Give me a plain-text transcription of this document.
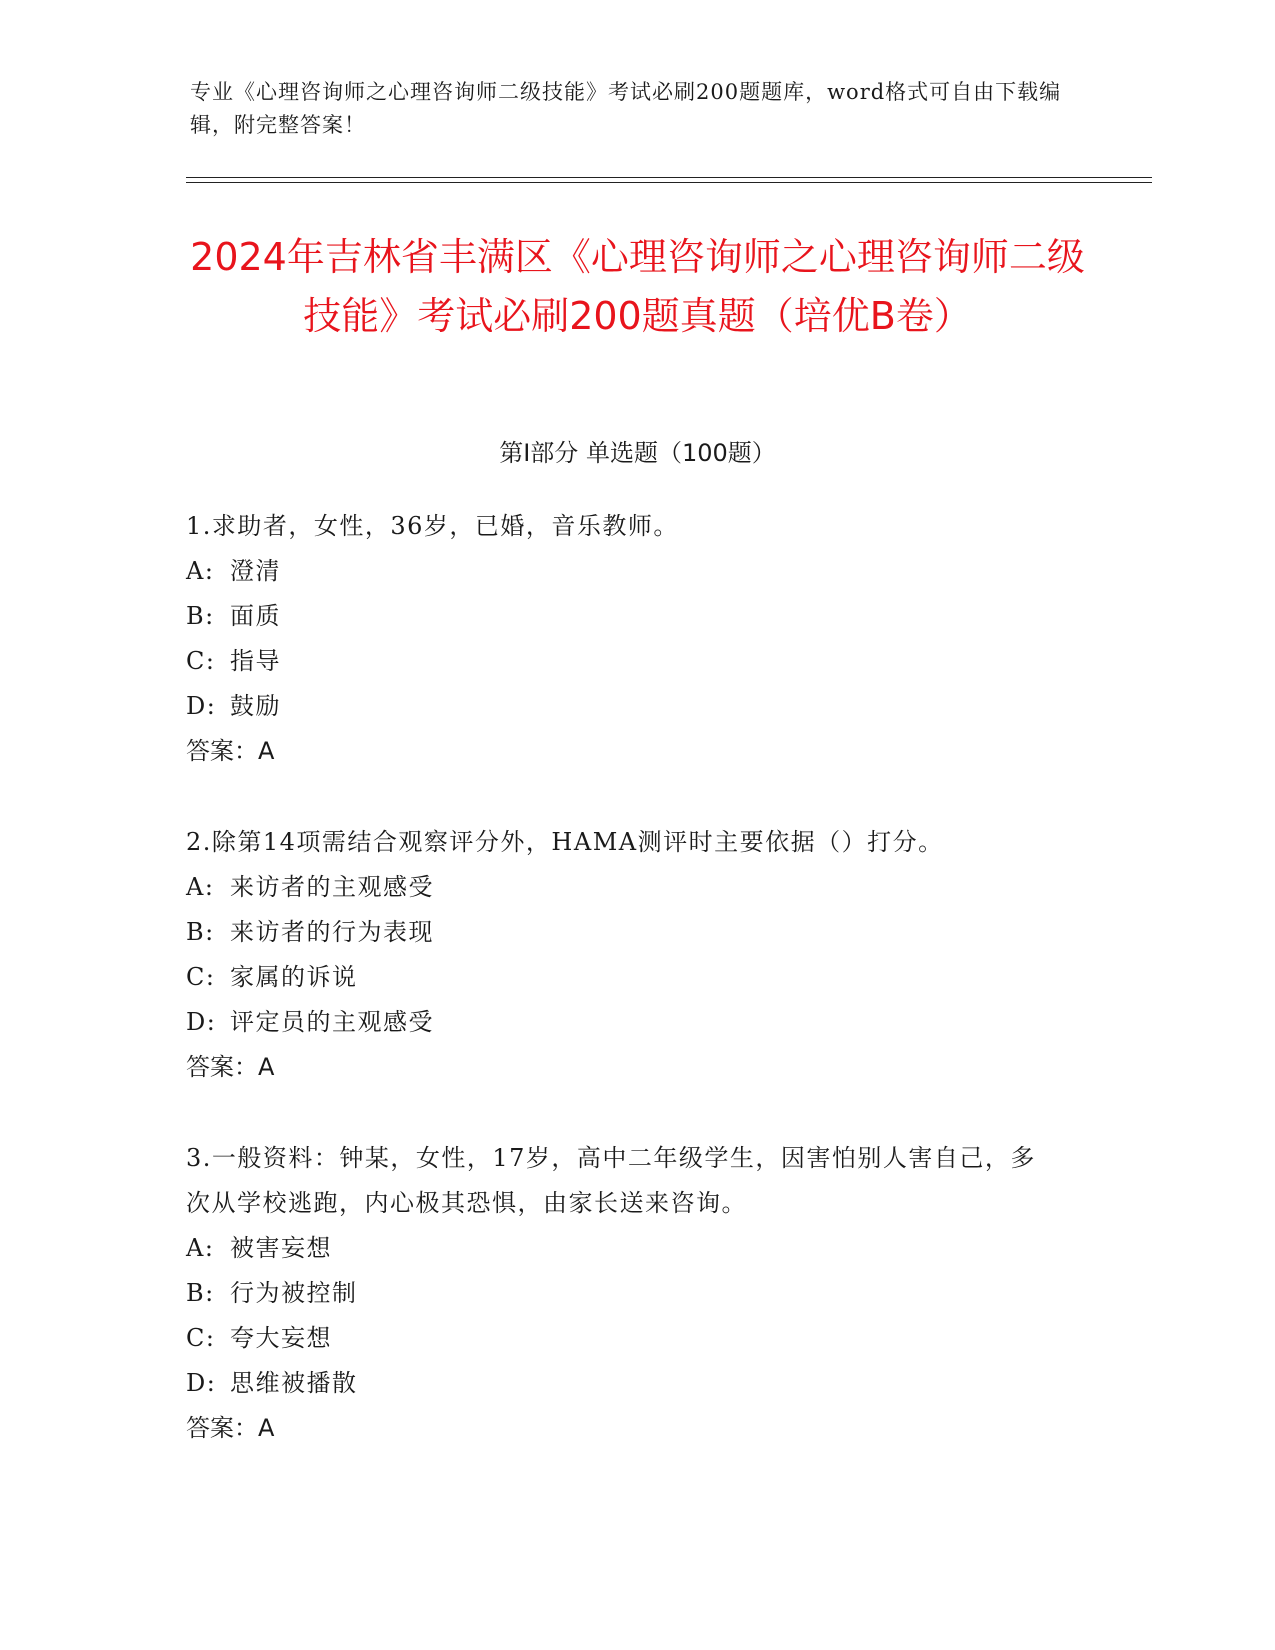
专业《心理咨询师之心理咨询师二级技能》考试必刷200题题库，word格式可自由下载编辑，附完整答案！
2024年吉林省丰满区《心理咨询师之心理咨询师二级技能》考试必刷200题真题（培优B卷）
第Ⅰ部分 单选题（100题）
1.求助者，女性，36岁，已婚，音乐教师。
A: 澄清
B: 面质
C: 指导
D: 鼓励
答案：A
2.除第14项需结合观察评分外，HAMA测评时主要依据（）打分。
A: 来访者的主观感受
B: 来访者的行为表现
C: 家属的诉说
D: 评定员的主观感受
答案：A
3.一般资料：钟某，女性，17岁，高中二年级学生，因害怕别人害自己，多次从学校逃跑，内心极其恐惧，由家长送来咨询。
A: 被害妄想
B: 行为被控制
C: 夸大妄想
D: 思维被播散
答案：A
